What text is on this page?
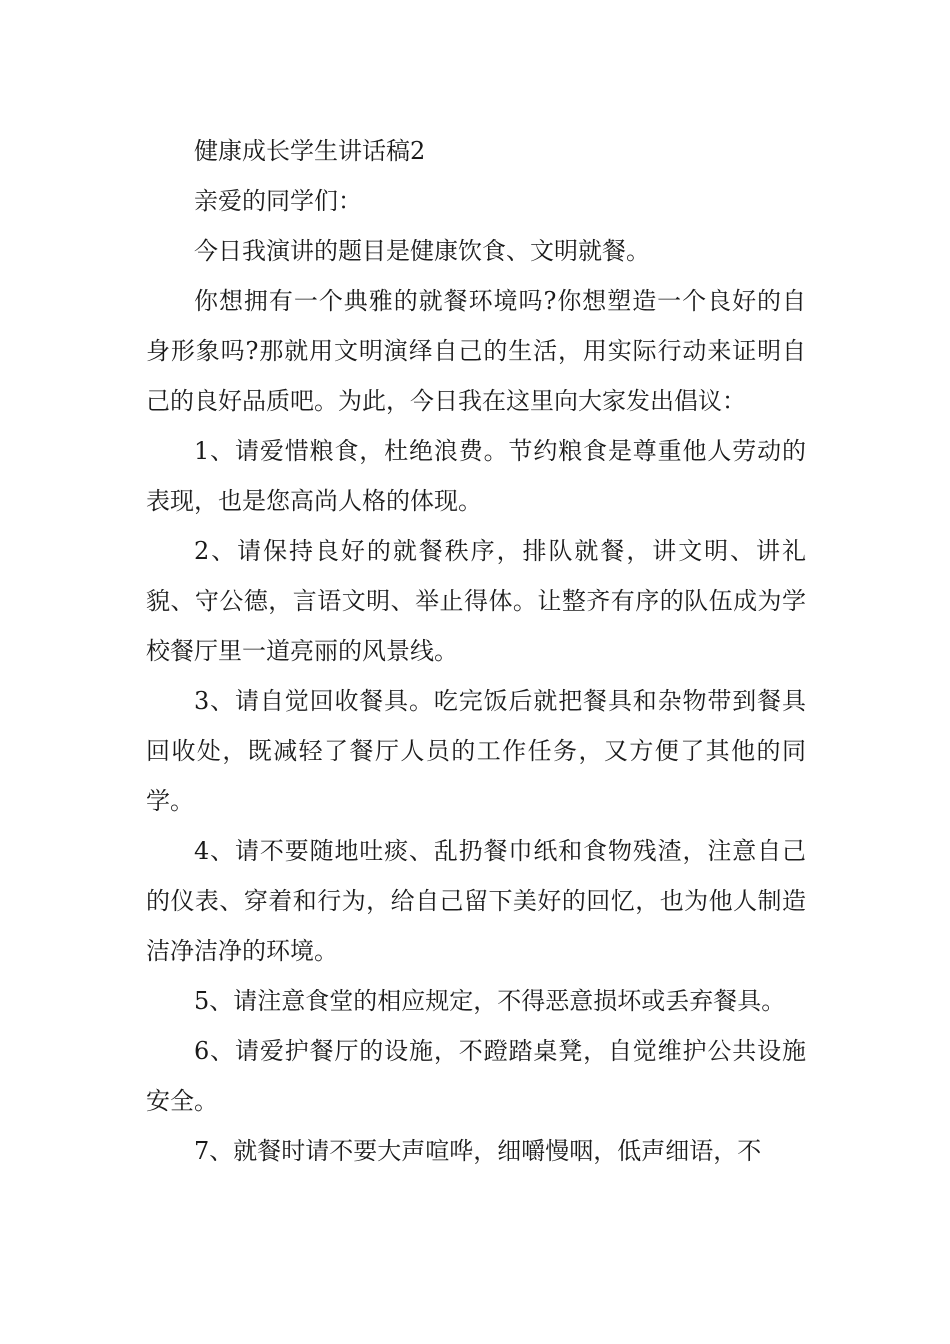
健康成长学生讲话稿2

亲爱的同学们：

今日我演讲的题目是健康饮食、文明就餐。

你想拥有一个典雅的就餐环境吗?你想塑造一个良好的自身形象吗?那就用文明演绎自己的生活，用实际行动来证明自己的良好品质吧。为此，今日我在这里向大家发出倡议：

1、请爱惜粮食，杜绝浪费。节约粮食是尊重他人劳动的表现，也是您高尚人格的体现。

2、请保持良好的就餐秩序，排队就餐，讲文明、讲礼貌、守公德，言语文明、举止得体。让整齐有序的队伍成为学校餐厅里一道亮丽的风景线。

3、请自觉回收餐具。吃完饭后就把餐具和杂物带到餐具回收处，既减轻了餐厅人员的工作任务，又方便了其他的同学。

4、请不要随地吐痰、乱扔餐巾纸和食物残渣，注意自己的仪表、穿着和行为，给自己留下美好的回忆，也为他人制造洁净洁净的环境。

5、请注意食堂的相应规定，不得恶意损坏或丢弃餐具。

6、请爱护餐厅的设施，不蹬踏桌凳，自觉维护公共设施安全。

7、就餐时请不要大声喧哗，细嚼慢咽，低声细语，不
